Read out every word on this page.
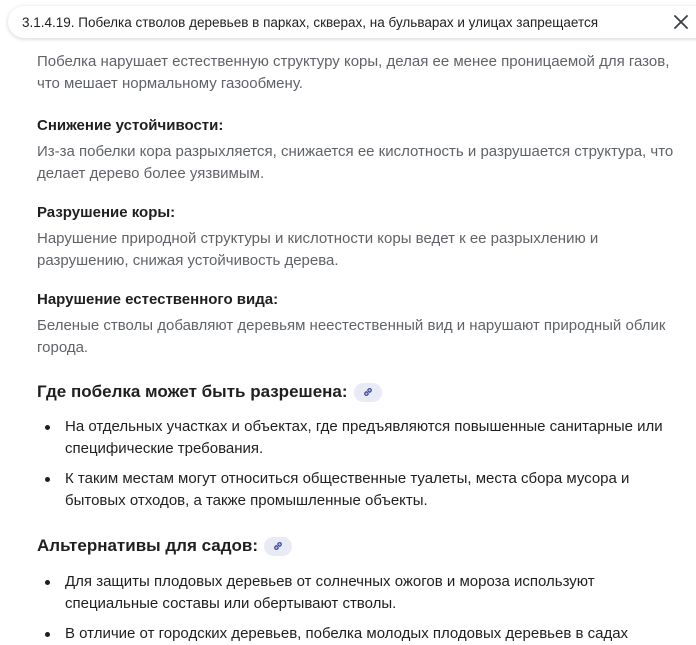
3.1.4.19. Побелка стволов деревьев в парках, скверах, на бульварах и улицах запрещается

Побелка нарушает естественную структуру коры, делая ее менее проницаемой для газов, что мешает нормальному газообмену.

Снижение устойчивости:

Из-за побелки кора разрыхляется, снижается ее кислотность и разрушается структура, что делает дерево более уязвимым.

Разрушение коры:

Нарушение природной структуры и кислотности коры ведет к ее разрыхлению и разрушению, снижая устойчивость дерева.

Нарушение естественного вида:

Беленые стволы добавляют деревьям неестественный вид и нарушают природный облик города.

Где побелка может быть разрешена:
На отдельных участках и объектах, где предъявляются повышенные санитарные или специфические требования.
К таким местам могут относиться общественные туалеты, места сбора мусора и бытовых отходов, а также промышленные объекты.
Альтернативы для садов:
Для защиты плодовых деревьев от солнечных ожогов и мороза используют специальные составы или обертывают стволы.
В отличие от городских деревьев, побелка молодых плодовых деревьев в садах
